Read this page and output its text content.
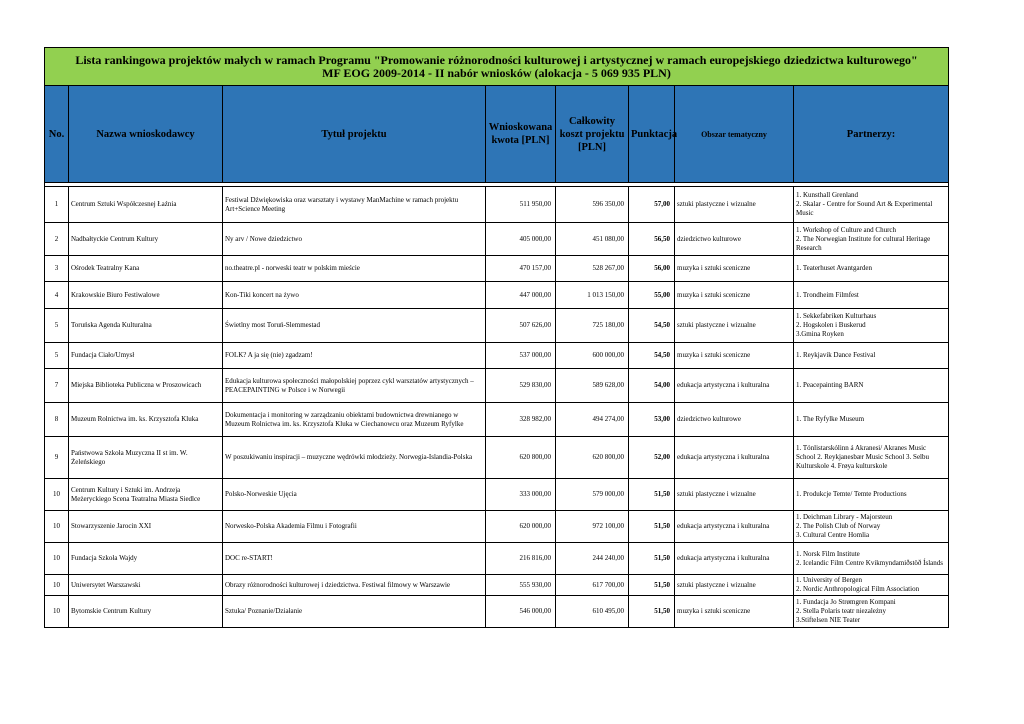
Lista rankingowa projektów małych w ramach Programu "Promowanie różnorodności kulturowej i artystycznej w ramach europejskiego dziedzictwa kulturowego"
MF EOG 2009-2014 - II nabór wniosków (alokacja - 5 069 935 PLN)							

No.	Nazwa wnioskodawcy	Tytuł projektu	Wnioskowana kwota [PLN]	Całkowity koszt projektu [PLN]	Punktacja	Obszar tematyczny	Partnerzy:

1	Centrum Sztuki Współczesnej Łaźnia	Festiwal Dźwiękowiska oraz warsztaty i wystawy ManMachine w ramach projektu Art+Science Meeting	511 950,00	596 350,00	57,00	sztuki plastyczne i wizualne	1. Kunsthall Grenland
2. Skalar - Centre for Sound Art & Experimental Music

2	Nadbałtyckie Centrum Kultury	Ny arv / Nowe dziedzictwo	405 000,00	451 080,00	56,50	dziedzictwo kulturowe	1. Workshop of Culture and Church
2. The Norwegian Institute for cultural Heritage Research

3	Ośrodek Teatralny Kana	no.theatre.pl - norweski teatr w polskim mieście	470 157,00	528 267,00	56,00	muzyka i sztuki sceniczne	1. Teaterhuset Avantgarden

4	Krakowskie Biuro Festiwalowe	Kon-Tiki koncert na żywo	447 000,00	1 013 150,00	55,00	muzyka i sztuki sceniczne	1. Trondheim Filmfest

5	Toruńska Agenda Kulturalna	Świetlny most Toruń-Slemmestad	507 626,00	725 180,00	54,50	sztuki plastyczne i wizualne	1. Sekkefabriken Kulturhaus
2. Hogskolen i Buskerud
3.Gmina Royken

5	Fundacja Ciało/Umysł	FOLK? A ja się (nie) zgadzam!	537 000,00	600 000,00	54,50	muzyka i sztuki sceniczne	1. Reykjavik Dance Festival

7	Miejska Biblioteka Publiczna w Proszowicach	Edukacja kulturowa społeczności małopolskiej poprzez cykl warsztatów artystycznych – PEACEPAINTING w Polsce i w Norwegii	529 830,00	589 628,00	54,00	edukacja artystyczna i kulturalna	1. Peacepainting BARN

8	Muzeum Rolnictwa im. ks. Krzysztofa Kluka	Dokumentacja i monitoring w zarządzaniu obiektami budownictwa drewnianego w Muzeum Rolnictwa im. ks. Krzysztofa Kluka w Ciechanowcu oraz Muzeum Ryfylke	328 982,00	494 274,00	53,00	dziedzictwo kulturowe	1. The Ryfylke Museum

9	Państwowa Szkoła Muzyczna II st im. W. Żeleńskiego	W poszukiwaniu inspiracji – muzyczne wędrówki młodzieży. Norwegia-Islandia-Polska	620 800,00	620 800,00	52,00	edukacja artystyczna i kulturalna	1. Tónlistarskólinn á Akranesi/ Akranes Music School 2. Reykjanesbær Music School 3. Selbu Kulturskole 4. Frøya kulturskole

10	Centrum Kultury i Sztuki im. Andrzeja Meżeryckiego Scena Teatralna Miasta Siedlce	Polsko-Norweskie Ujęcia	333 000,00	579 000,00	51,50	sztuki plastyczne i wizualne	1. Produkcje Temte/ Temte Productions

10	Stowarzyszenie Jarocin XXI	Norwesko-Polska Akademia Filmu i Fotografii	620 000,00	972 100,00	51,50	edukacja artystyczna i kulturalna	1. Deichman Library - Majorsteun
2. The Polish Club of Norway
3. Cultural Centre Homlia

10	Fundacja Szkoła Wajdy	DOC re-START!	216 816,00	244 240,00	51,50	edukacja artystyczna i kulturalna	1. Norsk Film Institute
2. Icelandic Film Centre Kvikmyndamiðstöð Íslands

10	Uniwersytet Warszawski	Obrazy różnorodności kulturowej i dziedzictwa. Festiwal filmowy w Warszawie	555 930,00	617 700,00	51,50	sztuki plastyczne i wizualne	1. University of Bergen
2. Nordic Anthropological Film Association

10	Bytomskie Centrum Kultury	Sztuka/ Poznanie/Działanie	546 000,00	610 495,00	51,50	muzyka i sztuki sceniczne	1. Fundacja Jo Strømgren Kompani
2. Stella Polaris teatr niezależny
3.Stiftelsen NIE Teater
